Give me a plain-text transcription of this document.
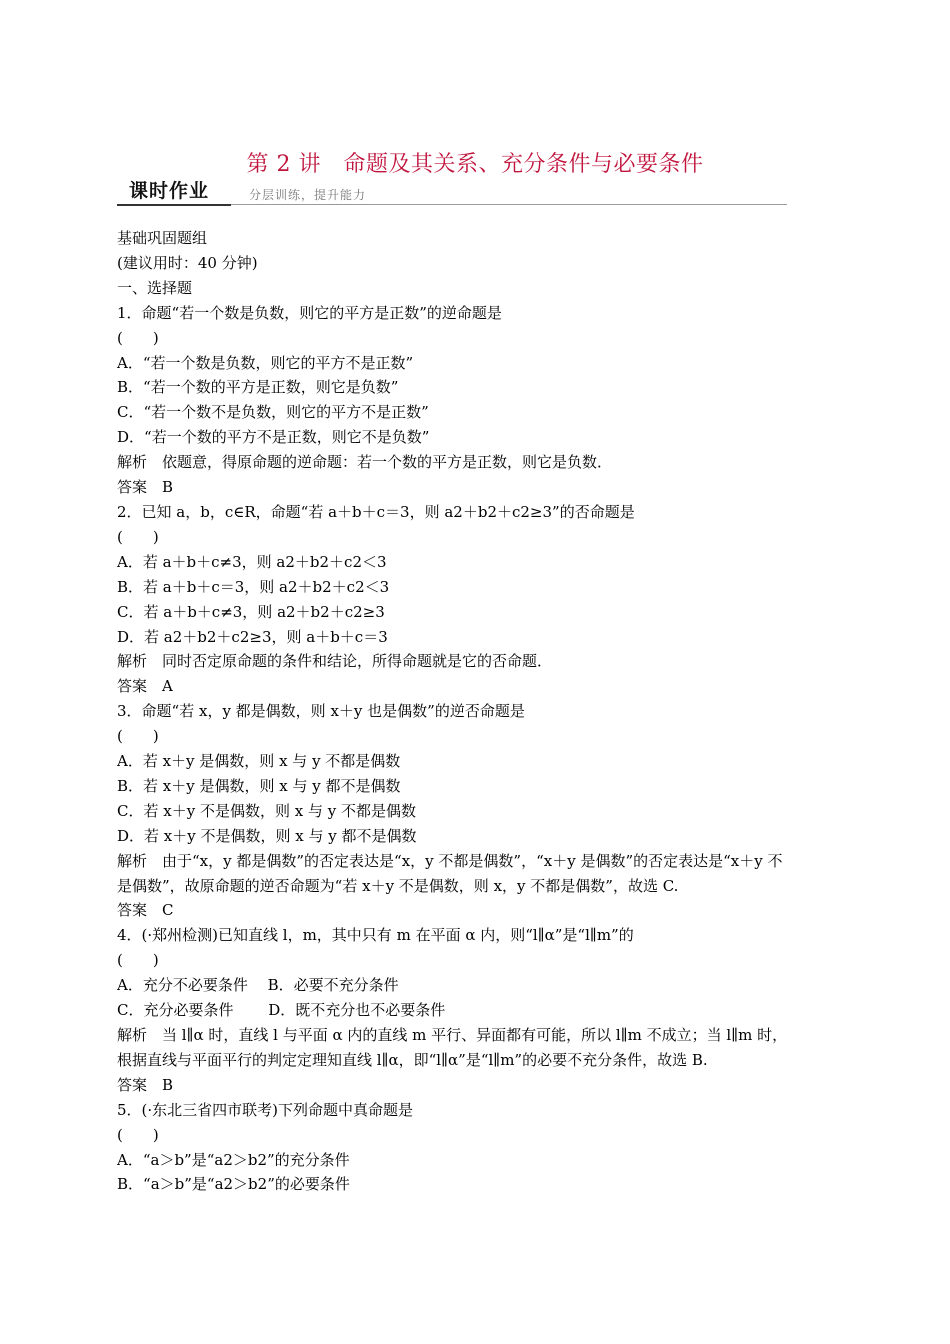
第 2 讲　命题及其关系、充分条件与必要条件
课时作业	分层训练，提升能力
基础巩固题组
(建议用时：40 分钟)
一、选择题
1．命题“若一个数是负数，则它的平方是正数”的逆命题是
(　　)
A．“若一个数是负数，则它的平方不是正数”
B．“若一个数的平方是正数，则它是负数”
C．“若一个数不是负数，则它的平方不是正数”
D．“若一个数的平方不是正数，则它不是负数”
解析　依题意，得原命题的逆命题：若一个数的平方是正数，则它是负数．
答案　B
2．已知 a，b，c∈R，命题“若 a＋b＋c＝3，则 a2＋b2＋c2≥3”的否命题是
(　　)
A．若 a＋b＋c≠3，则 a2＋b2＋c2＜3
B．若 a＋b＋c＝3，则 a2＋b2＋c2＜3
C．若 a＋b＋c≠3，则 a2＋b2＋c2≥3
D．若 a2＋b2＋c2≥3，则 a＋b＋c＝3
解析　同时否定原命题的条件和结论，所得命题就是它的否命题．
答案　A
3．命题“若 x，y 都是偶数，则 x＋y 也是偶数”的逆否命题是
(　　)
A．若 x＋y 是偶数，则 x 与 y 不都是偶数
B．若 x＋y 是偶数，则 x 与 y 都不是偶数
C．若 x＋y 不是偶数，则 x 与 y 不都是偶数
D．若 x＋y 不是偶数，则 x 与 y 都不是偶数
解析　由于“x，y 都是偶数”的否定表达是“x，y 不都是偶数”，“x＋y 是偶数”的否定表达是“x＋y 不
是偶数”，故原命题的逆否命题为“若 x＋y 不是偶数，则 x，y 不都是偶数”，故选 C.
答案　C
4．(·郑州检测)已知直线 l，m，其中只有 m 在平面 α 内，则“l∥α”是“l∥m”的
(　　)
A．充分不必要条件　 B．必要不充分条件
C．充分必要条件　　 D．既不充分也不必要条件
解析　当 l∥α 时，直线 l 与平面 α 内的直线 m 平行、异面都有可能，所以 l∥m 不成立；当 l∥m 时，
根据直线与平面平行的判定定理知直线 l∥α，即“l∥α”是“l∥m”的必要不充分条件，故选 B.
答案　B
5．(·东北三省四市联考)下列命题中真命题是
(　　)
A．“a＞b”是“a2＞b2”的充分条件
B．“a＞b”是“a2＞b2”的必要条件
